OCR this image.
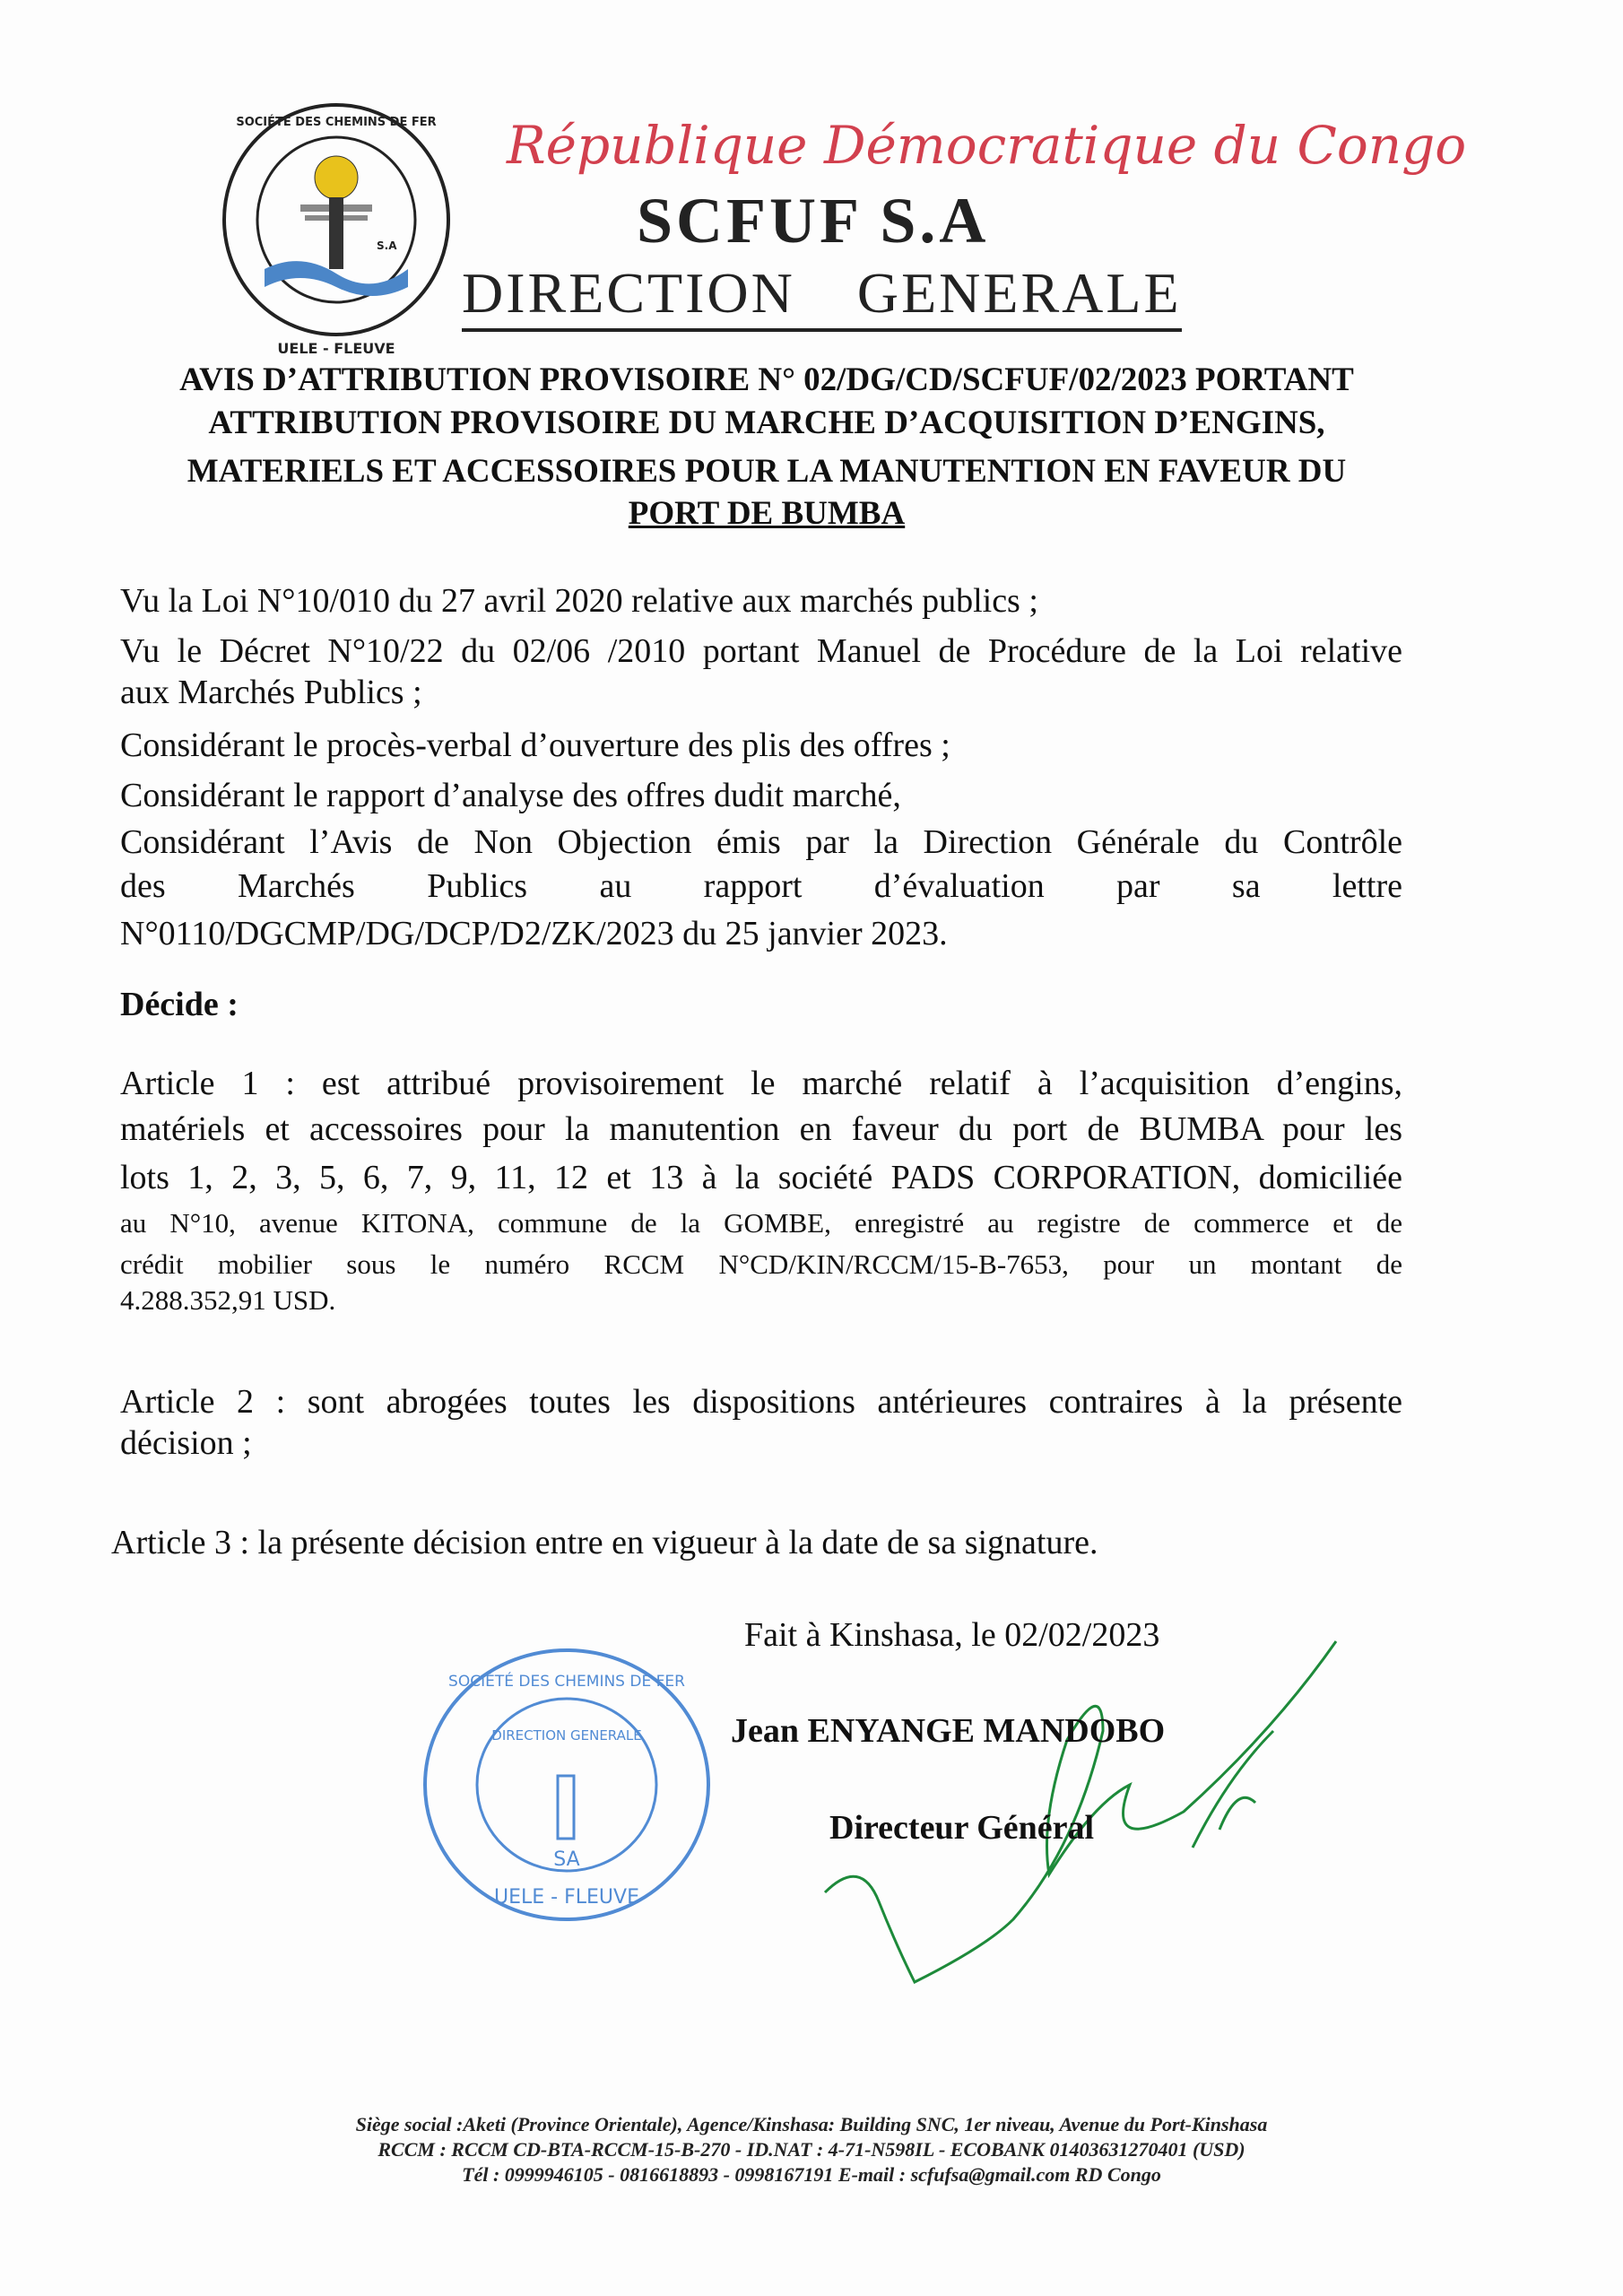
SOCIÉTÉ DES CHEMINS DE FER
S.A
UELE - FLEUVE
République Démocratique du Congo
SCFUF S.A
DIRECTION GENERALE
AVIS D’ATTRIBUTION PROVISOIRE N° 02/DG/CD/SCFUF/02/2023 PORTANT
ATTRIBUTION PROVISOIRE DU MARCHE D’ACQUISITION D’ENGINS,
MATERIELS ET ACCESSOIRES POUR LA MANUTENTION EN FAVEUR DU
PORT DE BUMBA
Vu la Loi N°10/010 du 27 avril 2020 relative aux marchés publics ;
Vu le Décret N°10/22 du 02/06 /2010 portant Manuel de Procédure de la Loi relative
aux Marchés Publics ;
Considérant le procès-verbal d’ouverture des plis des offres ;
Considérant le rapport d’analyse des offres dudit marché,
Considérant l’Avis de Non Objection émis par la Direction Générale du Contrôle
des Marchés Publics au rapport d’évaluation par sa lettre
N°0110/DGCMP/DG/DCP/D2/ZK/2023 du 25 janvier 2023.
Décide :
Article 1 : est attribué provisoirement le marché relatif à l’acquisition d’engins,
matériels et accessoires pour la manutention en faveur du port de BUMBA pour les
lots 1, 2, 3, 5, 6, 7, 9, 11, 12 et 13 à la société PADS CORPORATION, domiciliée
au N°10, avenue KITONA, commune de la GOMBE, enregistré au registre de commerce et de
crédit mobilier sous le numéro RCCM N°CD/KIN/RCCM/15-B-7653, pour un montant de
4.288.352,91 USD.
Article 2 : sont abrogées toutes les dispositions antérieures contraires à la présente
décision ;
Article 3 : la présente décision entre en vigueur à la date de sa signature.
SOCIÉTÉ DES CHEMINS DE FER
DIRECTION GENERALE
SA
UELE - FLEUVE
Fait à Kinshasa, le 02/02/2023
Jean ENYANGE MANDOBO
Directeur Général
Siège social :Aketi (Province Orientale), Agence/Kinshasa: Building SNC, 1er niveau, Avenue du Port-Kinshasa
RCCM : RCCM CD-BTA-RCCM-15-B-270 - ID.NAT : 4-71-N598IL - ECOBANK 01403631270401 (USD)
Tél : 0999946105 - 0816618893 - 0998167191 E-mail : scfufsa@gmail.com RD Congo
